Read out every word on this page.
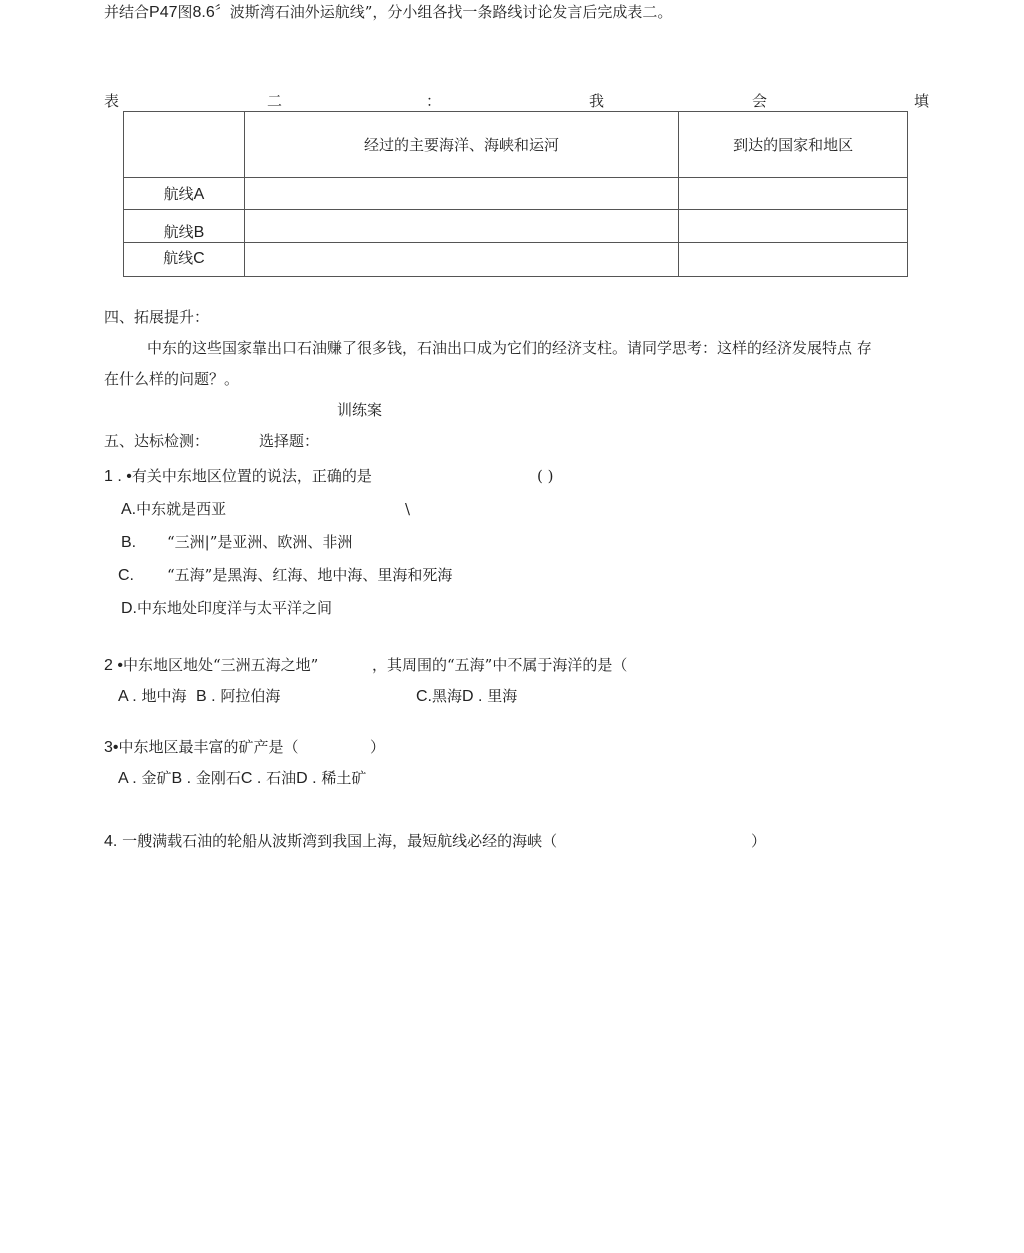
并结合P47图8.6〞波斯湾石油外运航线”，分小组各找一条路线讨论发言后完成表二。
表	二	：	我	会	填
	经过的主要海洋、海峡和运河	到达的国家和地区
航线A		
航线B		
航线C		
四、拓展提升：
中东的这些国家靠出口石油赚了很多钱，石油出口成为它们的经济支柱。请同学思考：这样的经济发展特点 存
在什么样的问题？。
训练案
五、达标检测：	选择题：
1 . •有关中东地区位置的说法，正确的是	( )
A.中东就是西亚	\
B. “三洲|”是亚洲、欧洲、非洲
C. “五海”是黑海、红海、地中海、里海和死海
D.中东地处印度洋与太平洋之间
2 •中东地区地处“三洲五海之地”	，其周围的“五海”中不属于海洋的是（
A . 地中海 B . 阿拉伯海	C.黑海D . 里海
3•中东地区最丰富的矿产是（	）
A . 金矿B . 金刚石C . 石油D . 稀土矿
4. 一艘满载石油的轮船从波斯湾到我国上海，最短航线必经的海峡（	）
